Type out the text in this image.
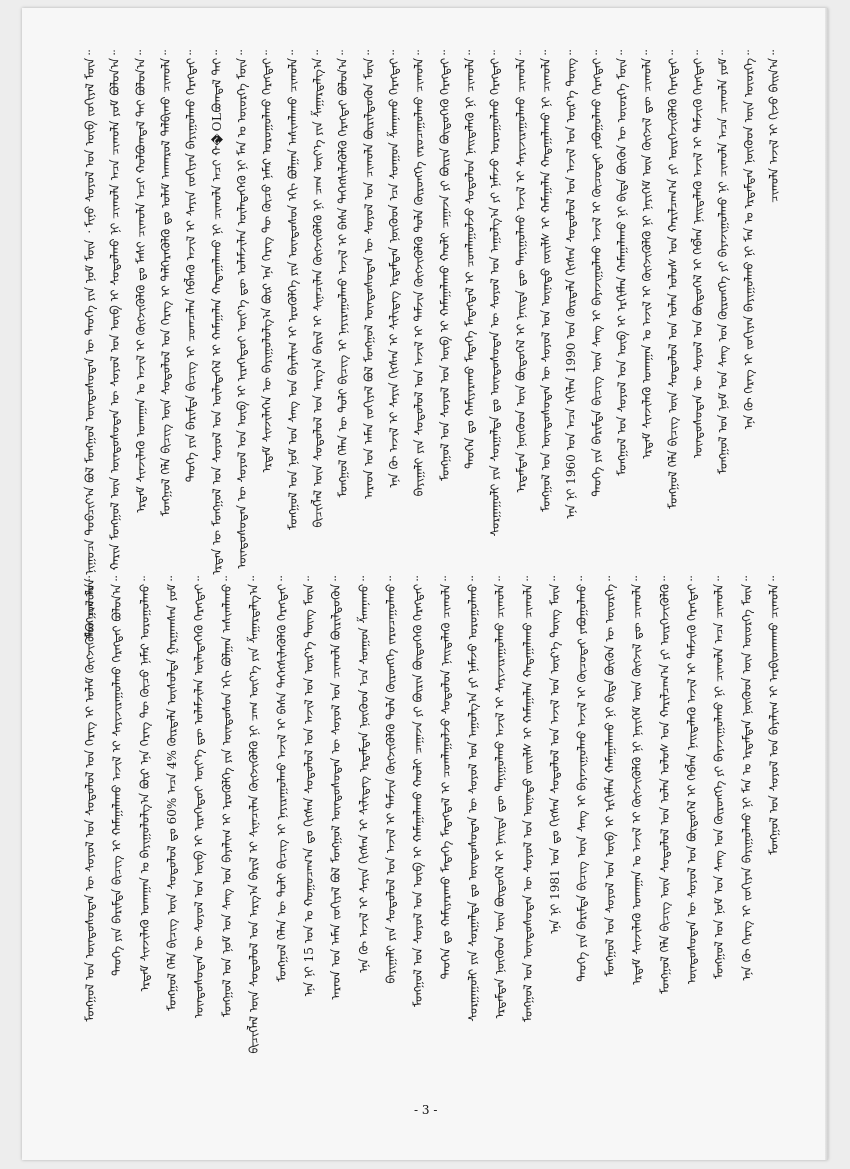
ᠮᠣᠩᠭᠣᠯ ᠤᠨ ᠨᠢᠭᠤᠴᠠ ᠲᠣᠪᠴᠢᠶ᠎ᠠ ᠪᠣᠯ ᠮᠣᠩᠭᠣᠯ ᠦᠨᠳᠦᠰᠦᠲᠡᠨ ᠦ ᠲᠡᠦᠬᠡ ᠶᠢᠨ ᠨᠣᠮ ᠮᠥᠨ ᠂ ᠮᠢᠨᠦ ᠰᠣᠶᠣᠯ ᠤᠨ ᠥᠪ ᠵᠣᠬᠢᠶᠠᠯ ᠮᠥᠨ᠃ ᠬᠠᠷᠢᠨ ᠮᠣᠩᠭᠣᠯ ᠦᠨ ᠦᠨᠳᠦᠰᠦᠲᠡᠨ ᠦ ᠰᠣᠶᠣᠯ ᠤᠨ ᠥᠪ ᠢ ᠰᠤᠳᠤᠯᠬᠤ ᠨᠢ ᠴᠢᠬᠤᠯᠠ ᠠᠴᠠ ᠴᠢᠬᠤᠯᠠ ᠶᠤᠮ ᠪᠣᠯᠤᠨ᠎ᠠ᠃ ᠡᠷᠳᠡᠮ ᠰᠢᠨᠵᠢᠯᠡᠬᠦ ᠤᠬᠠᠭᠠᠨ ᠤ ᠠᠵᠢᠯ ᠢ ᠬᠥᠭᠵᠢᠭᠦᠯᠬᠦ ᠳᠤ ᠮᠠᠰᠢ ᠴᠢᠬᠤᠯᠠ ᠠᠴᠢ ᠬᠣᠯᠪᠣᠭᠳᠠᠯ ᠲᠠᠢ ᠪᠣᠯᠤᠨ᠎ᠠ᠃ ᠮᠣᠩᠭᠣᠯ ᠬᠡᠯᠡ ᠪᠢᠴᠢᠭ ᠦᠨ ᠰᠤᠳᠤᠯᠤᠯ ᠤᠨ ᠬᠡᠷᠡᠭ ᠢ ᠳᠡᠯᠭᠡᠷᠡᠭᠦᠯᠬᠦ ᠳᠤ ᠤᠯᠠᠮ ᠠᠨᠬᠠᠷᠤᠯ ᠲᠠᠯᠪᠢᠬᠤ ᠴᠢᠬᠤᠯᠠ᠃ ᠲᠡᠦᠬᠡ ᠶᠢᠨ ᠪᠠᠷᠢᠮᠲᠠ ᠪᠢᠴᠢᠭ ᠢ ᠴᠣᠭᠴᠠᠯᠠᠨ ᠬᠡᠪᠯᠡᠬᠦ ᠠᠵᠢᠯ ᠢ ᠰᠠᠶᠢᠨ ᠵᠣᠬᠢᠶᠠᠨ ᠪᠠᠶᠢᠭᠤᠯᠬᠤ ᠬᠡᠷᠡᠭᠲᠡᠢ᠃ ᠡᠷᠲᠡᠨ ᠦ ᠮᠣᠩᠭᠣᠯ ᠤᠨ ᠰᠣᠶᠣᠯ ᠤᠨ ᠦᠯᠡᠳᠡᠭᠡᠯ ᠢ ᠬᠠᠮᠠᠭᠠᠯᠠᠨ ᠬᠠᠳᠠᠭᠠᠯᠠᠬᠤ ᠨᠢ ᠴᠢᠬᠤᠯᠠ ᠠᠴᠢ ᠬ�OLᠪᠣᠭᠳᠠᠯ ᠲᠠᠢ᠃ ᠦᠨᠳᠦᠰᠦᠲᠡᠨ ᠦ ᠰᠣᠶᠣᠯ ᠤᠨ ᠥᠪ ᠢ ᠢᠷᠡᠭᠡᠳᠦᠢ ᠦᠶ᠎ᠡ ᠳᠦ ᠤᠯᠠᠮᠵᠢᠯᠠᠨ ᠦᠯᠡᠳᠡᠭᠡᠬᠦ ᠨᠢ ᠮᠠᠨ ᠤ ᠦᠦᠷᠭᠡ ᠮᠥᠨ᠃ ᠡᠷᠳᠡᠮ ᠰᠢᠨᠵᠢᠯᠡᠭᠡᠨ ᠦ ᠪᠠᠶᠢᠭᠤᠯᠤᠯᠭ᠎ᠠ ᠪᠦᠷ ᠡᠨᠡ ᠬᠡᠷᠡᠭ ᠲᠦ ᠬᠦᠴᠦ ᠨᠡᠮᠡᠷ ᠣᠷᠤᠭᠤᠯᠬᠤ ᠬᠡᠷᠡᠭᠲᠡᠢ᠃ ᠮᠣᠩᠭᠣᠯ ᠤᠨ ᠨᠣᠮ ᠤᠨ ᠰᠠᠩ ᠤᠨ ᠪᠠᠶᠠᠯᠢᠭ ᠢ ᠡᠷᠦᠭᠦᠯᠭᠡ ᠶᠢᠨ ᠦᠨᠳᠦᠰᠦᠨ ᠡᠬᠢ ᠪᠣᠯᠭᠠᠨ ᠠᠰᠢᠭᠯᠠᠬᠤ ᠴᠢᠬᠤᠯᠠ᠃ ᠪᠢᠴᠢᠭᠯᠡᠯ ᠦᠨ ᠰᠤᠳᠤᠯᠤᠯ ᠤᠨ ᠠᠷᠭ᠎ᠠ ᠪᠠᠷᠢᠯ ᠢ ᠰᠢᠨᠡᠴᠢᠯᠡᠨ ᠬᠥᠭᠵᠢᠭᠦᠯᠬᠦ ᠨᠢ ᠴᠠᠭ ᠦᠶ᠎ᠡ ᠶᠢᠨ ᠱᠠᠭᠠᠷᠳᠠᠯᠭ᠎ᠠ᠃ ᠮᠣᠩᠭᠣᠯ ᠬᠡᠯᠡᠨ ᠦ ᠲᠣᠯᠢ ᠪᠢᠴᠢᠭ ᠢ ᠨᠠᠶᠢᠷᠠᠭᠤᠯᠬᠤ ᠠᠵᠢᠯ ᠢ ᠪᠠᠰᠠ ᠳᠡᠭᠡᠭᠰᠢᠯᠡᠭᠦᠯᠬᠦ ᠬᠡᠷᠡᠭᠲᠡᠢ ᠪᠣᠯᠤᠨ᠎ᠠ᠃ ᠠᠷᠠᠳ ᠤᠨ ᠠᠮᠠᠨ ᠵᠣᠬᠢᠶᠠᠯ ᠪᠣᠯ ᠮᠣᠩᠭᠣᠯ ᠦᠨᠳᠦᠰᠦᠲᠡᠨ ᠦ ᠰᠣᠶᠣᠯ ᠤᠨ ᠴᠢᠬᠤᠯᠠ ᠪᠦᠷᠢᠯᠳᠦᠬᠦᠨ ᠮᠥᠨ᠃ ᠡᠨᠡ ᠬᠦ ᠠᠵᠢᠯ ᠢ ᠰᠠᠶᠢᠨ ᠬᠢᠭᠰᠡᠨ ᠢ ᠰᠢᠯᠢᠳᠡᠭ ᠡᠷᠳᠡᠮᠲᠡᠨ ᠨᠦ᠋ᠭᠦᠳ ᠡᠴᠡ ᠰᠣᠨᠭᠣᠨ ᠱᠠᠭᠨᠠᠬᠤ ᠬᠡᠷᠡᠭᠲᠡᠢ᠃ ᠪᠠᠶᠢᠭᠠᠯᠢ ᠶᠢᠨ ᠰᠤᠳᠤᠯᠤᠯ ᠤᠨ ᠠᠵᠢᠯ ᠢ ᠳᠡᠮᠵᠢᠨ ᠬᠥᠭᠵᠢᠭᠦᠯᠬᠦ ᠲᠤᠯᠠ ᠬᠥᠷᠥᠩᠭᠡ ᠵᠠᠷᠤᠴᠠᠭᠤᠯᠬᠤ ᠴᠢᠬᠤᠯᠠ᠃ ᠮᠣᠩᠭᠣᠯ ᠤᠨ ᠰᠣᠶᠣᠯ ᠤᠨ ᠥᠪ ᠢ ᠬᠠᠮᠠᠭᠠᠯᠠᠬᠤ ᠬᠠᠤᠯᠢ ᠴᠠᠭᠠᠵᠠ ᠶᠢ ᠪᠦᠷᠢᠨ ᠪᠦᠲᠦᠭᠡᠬᠦ ᠬᠡᠷᠡᠭᠲᠡᠢ᠃ ᠲᠡᠦᠬᠡᠨ ᠳᠤ ᠬᠠᠮᠢᠶᠠᠷᠠᠬᠤ ᠮᠡᠳᠡᠭᠡ ᠮᠡᠳᠡᠭᠳᠡᠯ ᠢ ᠴᠤᠭᠯᠠᠭᠤᠯᠵᠤ ᠰᠤᠳᠤᠯᠤᠨ ᠨᠡᠢᠲᠡᠯᠡᠬᠦ ᠨᠢ ᠴᠢᠬᠤᠯᠠ᠃ ᠰᠤᠷᠭᠠᠭᠤᠯᠢ ᠶᠢᠨ ᠰᠤᠷᠭᠠᠯᠲᠠ ᠳᠤ ᠦᠨᠳᠦᠰᠦᠲᠡᠨ ᠦ ᠰᠣᠶᠣᠯ ᠤᠨ ᠠᠭᠤᠯᠭ᠎ᠠ ᠶᠢ ᠨᠡᠮᠡᠵᠦ ᠣᠷᠤᠭᠤᠯᠬᠤ ᠬᠡᠷᠡᠭᠲᠡᠢ᠃ ᠡᠷᠳᠡᠮᠲᠡᠨ ᠨᠦ᠋ᠭᠦᠳ ᠦᠨ ᠪᠦᠲᠦᠭᠡᠯ ᠢ ᠨᠡᠢᠲᠡ ᠳᠦ ᠲᠠᠨᠢᠭᠤᠯᠬᠤ ᠠᠵᠢᠯ ᠢ ᠰᠠᠶᠢᠵᠢᠷᠠᠭᠤᠯᠬᠤ ᠴᠢᠬᠤᠯᠠ᠃ ᠮᠣᠩᠭᠣᠯ ᠤᠨ ᠦᠨᠳᠦᠰᠦᠲᠡᠨ ᠦ ᠰᠣᠶᠣᠯ ᠤᠨ ᠦᠨᠡᠲᠦ ᠵᠦᠢᠯᠰ ᠢ ᠬᠠᠮᠠᠭᠠᠯᠠᠨ ᠬᠠᠳᠠᠭᠠᠯᠠᠬᠤ ᠨᠢ ᠴᠢᠬᠤᠯᠠ᠃ ᠡᠨᠡ ᠨᠢ 1960 ᠣᠨ ᠠᠴᠠ ᠡᠬᠢᠯᠡᠨ 1990 ᠣᠨ ᠬᠦᠷᠲᠡᠯᠡ ᠬᠢᠭᠰᠡᠨ ᠰᠤᠳᠤᠯᠤᠯ ᠤᠨ ᠠᠵᠢᠯ ᠤᠨ ᠦᠷ᠎ᠡ ᠳᠦᠩ᠃ ᠲᠡᠦᠬᠡ ᠶᠢᠨ ᠪᠠᠷᠢᠮᠲᠠ ᠪᠢᠴᠢᠭ ᠦᠨ ᠰᠠᠩ ᠢ ᠪᠠᠶᠠᠵᠢᠭᠤᠯᠬᠤ ᠠᠵᠢᠯ ᠢ ᠬᠦᠴᠦᠲᠡᠢ ᠶᠠᠪᠤᠭᠤᠯᠬᠤ ᠬᠡᠷᠡᠭᠲᠡᠢ᠃ ᠮᠣᠩᠭᠣᠯ ᠤᠨ ᠰᠣᠶᠣᠯ ᠤᠨ ᠥᠪ ᠢ ᠡᠷᠬᠢᠮᠯᠡᠨ ᠬᠠᠮᠠᠭᠠᠯᠠᠬᠤ ᠨᠢ ᠪᠢᠳᠡ ᠪᠦᠬᠦᠨ ᠦ ᠦᠦᠷᠭᠡ ᠮᠥᠨ᠃ ᠡᠷᠳᠡᠮ ᠰᠢᠨᠵᠢᠯᠡᠬᠦ ᠤᠬᠠᠭᠠᠨ ᠤ ᠠᠵᠢᠯ ᠢ ᠬᠥᠭᠵᠢᠭᠦᠯᠬᠦ ᠨᠢ ᠨᠡᠶᠢᠭᠡᠮ ᠦᠨ ᠬᠥᠭᠵᠢᠯ ᠳᠦ ᠴᠢᠬᠤᠯᠠ᠃ ᠮᠣᠩᠭᠣᠯ ᠬᠡᠯᠡ ᠪᠢᠴᠢᠭ ᠦᠨ ᠰᠤᠳᠤᠯᠤᠯ ᠤᠨ ᠣᠯᠠᠨ ᠤᠯᠤᠰ ᠤᠨ ᠬᠠᠷᠢᠯᠴᠠᠭ᠎ᠠ ᠶᠢ ᠥᠷᠭᠡᠵᠢᠭᠦᠯᠬᠦ ᠬᠡᠷᠡᠭᠲᠡᠢ᠃ ᠦᠨᠳᠦᠰᠦᠲᠡᠨ ᠦ ᠰᠣᠶᠣᠯ ᠤᠨ ᠪᠦᠲᠦᠭᠡᠯ ᠢ ᠬᠡᠪᠯᠡᠨ ᠨᠡᠢᠲᠡᠯᠡᠬᠦ ᠠᠵᠢᠯ ᠢ ᠳᠡᠮᠵᠢᠬᠦ ᠬᠡᠷᠡᠭᠲᠡᠢ᠃ ᠮᠣᠩᠭᠣᠯ ᠤᠨ ᠨᠣᠮ ᠤᠨ ᠰᠠᠩ ᠤᠨ ᠬᠥᠷᠥᠩᠭᠡ ᠶᠢ ᠪᠠᠶᠠᠵᠢᠭᠤᠯᠬᠤ ᠨᠢ ᠴᠢᠬᠤᠯᠠ ᠠᠴᠠ ᠴᠢᠬᠤᠯᠠ ᠶᠤᠮ᠃ ᠡᠨᠡ ᠬᠦ ᠬᠡᠷᠡᠭ ᠢ ᠵᠣᠬᠢᠶᠠᠨ ᠪᠠᠶᠢᠭᠤᠯᠬᠤ ᠨᠢ ᠮᠠᠨ ᠤ ᠡᠷᠳᠡᠮᠲᠡᠨ ᠨᠦ᠋ᠭᠦᠳ ᠦᠨ ᠦᠦᠷᠭᠡ᠃ ᠴᠢᠬᠤᠯᠠ ᠠᠵᠢᠯ ᠢ ᠬᠢᠵᠦ ᠪᠠᠢᠨ᠎ᠠ᠃

ᠮᠣᠩᠭᠣᠯ ᠤᠨ ᠦᠨᠳᠦᠰᠦᠲᠡᠨ ᠦ ᠰᠣᠶᠣᠯ ᠤᠨ ᠰᠤᠳᠤᠯᠤᠯ ᠤᠨ ᠬᠡᠷᠡᠭ ᠢ ᠤᠯᠠᠮ ᠬᠥᠭᠵᠢᠭᠦᠯᠬᠦ ᠴᠢᠬᠤᠯᠠ᠃ ᠲᠡᠦᠬᠡ ᠶᠢᠨ ᠪᠠᠷᠢᠮᠲᠠ ᠪᠢᠴᠢᠭ ᠢ ᠬᠠᠮᠠᠭᠠᠯᠠᠬᠤ ᠠᠵᠢᠯ ᠢ ᠰᠠᠶᠢᠵᠢᠷᠠᠭᠤᠯᠬᠤ ᠬᠡᠷᠡᠭᠲᠡᠢ ᠪᠣᠯᠤᠨ᠎ᠠ᠃ ᠡᠷᠳᠡᠮ ᠰᠢᠨᠵᠢᠯᠡᠬᠦ ᠤᠬᠠᠭᠠᠨ ᠤ ᠪᠠᠶᠢᠭᠤᠯᠤᠯᠭ᠎ᠠ ᠪᠦᠷ ᠡᠨᠡ ᠬᠡᠷᠡᠭ ᠲᠦ ᠬᠦᠴᠦ ᠨᠡᠮᠡᠷ ᠣᠷᠤᠭᠤᠯᠬᠤ᠃ ᠮᠣᠩᠭᠣᠯ ᠬᠡᠯᠡ ᠪᠢᠴᠢᠭ ᠦᠨ ᠰᠤᠳᠤᠯᠤᠯ ᠳᠤ 60% ᠠᠴᠠ 4% ᠬᠦᠷᠲᠡᠯᠡ ᠥᠰᠦᠯᠲᠡ ᠭᠠᠷᠭᠠᠭᠰᠠᠨ ᠶᠤᠮ᠃ ᠦᠨᠳᠦᠰᠦᠲᠡᠨ ᠦ ᠰᠣᠶᠣᠯ ᠤᠨ ᠥᠪ ᠢ ᠢᠷᠡᠭᠡᠳᠦᠢ ᠦᠶ᠎ᠡ ᠳᠦ ᠤᠯᠠᠮᠵᠢᠯᠠᠨ ᠦᠯᠡᠳᠡᠭᠡᠬᠦ ᠬᠡᠷᠡᠭᠲᠡᠢ᠃ ᠮᠣᠩᠭᠣᠯ ᠤᠨ ᠨᠣᠮ ᠤᠨ ᠰᠠᠩ ᠤᠨ ᠪᠠᠶᠠᠯᠢᠭ ᠢ ᠡᠷᠦᠭᠦᠯᠭᠡ ᠶᠢᠨ ᠦᠨᠳᠦᠰᠦᠨ ᠡᠬᠢ ᠪᠣᠯᠭᠠᠨ ᠠᠰᠢᠭᠯᠠᠬᠤ᠃ ᠪᠢᠴᠢᠭᠯᠡᠯ ᠦᠨ ᠰᠤᠳᠤᠯᠤᠯ ᠤᠨ ᠠᠷᠭ᠎ᠠ ᠪᠠᠷᠢᠯ ᠢ ᠰᠢᠨᠡᠴᠢᠯᠡᠨ ᠬᠥᠭᠵᠢᠭᠦᠯᠬᠦ ᠨᠢ ᠴᠠᠭ ᠦᠶ᠎ᠡ ᠶᠢᠨ ᠱᠠᠭᠠᠷᠳᠠᠯᠭ᠎ᠠ᠃ ᠮᠣᠩᠭᠣᠯ ᠬᠡᠯᠡᠨ ᠦ ᠲᠣᠯᠢ ᠪᠢᠴᠢᠭ ᠢ ᠨᠠᠶᠢᠷᠠᠭᠤᠯᠬᠤ ᠠᠵᠢᠯ ᠢ ᠪᠠᠰᠠ ᠳᠡᠭᠡᠭᠰᠢᠯᠡᠭᠦᠯᠬᠦ ᠬᠡᠷᠡᠭᠲᠡᠢ᠃ ᠡᠨᠡ ᠨᠢ 15 ᠣᠨ ᠤ ᠬᠤᠭᠤᠴᠠᠭ᠎ᠠ ᠳᠤ ᠬᠢᠭᠰᠡᠨ ᠰᠤᠳᠤᠯᠤᠯ ᠤᠨ ᠠᠵᠢᠯ ᠤᠨ ᠦᠷ᠎ᠡ ᠳᠦᠩ ᠮᠥᠨ᠃ ᠠᠷᠠᠳ ᠤᠨ ᠠᠮᠠᠨ ᠵᠣᠬᠢᠶᠠᠯ ᠪᠣᠯ ᠮᠣᠩᠭᠣᠯ ᠦᠨᠳᠦᠰᠦᠲᠡᠨ ᠦ ᠰᠣᠶᠣᠯ ᠤᠨ ᠴᠢᠬᠤᠯᠠ ᠪᠦᠷᠢᠯᠳᠦᠬᠦᠨ᠃ ᠡᠨᠡ ᠬᠦ ᠠᠵᠢᠯ ᠢ ᠰᠠᠶᠢᠨ ᠬᠢᠭᠰᠡᠨ ᠢ ᠰᠢᠯᠢᠳᠡᠭ ᠡᠷᠳᠡᠮᠲᠡᠨ ᠨᠦ᠋ᠭᠦᠳ ᠡᠴᠡ ᠰᠣᠨᠭᠣᠨ ᠱᠠᠭᠨᠠᠬᠤ᠃ ᠪᠠᠶᠢᠭᠠᠯᠢ ᠶᠢᠨ ᠰᠤᠳᠤᠯᠤᠯ ᠤᠨ ᠠᠵᠢᠯ ᠢ ᠳᠡᠮᠵᠢᠨ ᠬᠥᠭᠵᠢᠭᠦᠯᠬᠦ ᠲᠤᠯᠠ ᠬᠥᠷᠥᠩᠭᠡ ᠵᠠᠷᠤᠴᠠᠭᠤᠯᠬᠤ᠃ ᠮᠣᠩᠭᠣᠯ ᠤᠨ ᠰᠣᠶᠣᠯ ᠤᠨ ᠥᠪ ᠢ ᠬᠠᠮᠠᠭᠠᠯᠠᠬᠤ ᠬᠠᠤᠯᠢ ᠴᠠᠭᠠᠵᠠ ᠶᠢ ᠪᠦᠷᠢᠨ ᠪᠦᠲᠦᠭᠡᠬᠦ ᠬᠡᠷᠡᠭᠲᠡᠢ᠃ ᠲᠡᠦᠬᠡᠨ ᠳᠤ ᠬᠠᠮᠢᠶᠠᠷᠠᠬᠤ ᠮᠡᠳᠡᠭᠡ ᠮᠡᠳᠡᠭᠳᠡᠯ ᠢ ᠴᠤᠭᠯᠠᠭᠤᠯᠵᠤ ᠰᠤᠳᠤᠯᠤᠨ ᠨᠡᠢᠲᠡᠯᠡᠬᠦ ᠴᠢᠬᠤᠯᠠ᠃ ᠰᠤᠷᠭᠠᠭᠤᠯᠢ ᠶᠢᠨ ᠰᠤᠷᠭᠠᠯᠲᠠ ᠳᠤ ᠦᠨᠳᠦᠰᠦᠲᠡᠨ ᠦ ᠰᠣᠶᠣᠯ ᠤᠨ ᠠᠭᠤᠯᠭ᠎ᠠ ᠶᠢ ᠨᠡᠮᠡᠵᠦ ᠣᠷᠤᠭᠤᠯᠬᠤ᠃ ᠡᠷᠳᠡᠮᠲᠡᠨ ᠨᠦ᠋ᠭᠦᠳ ᠦᠨ ᠪᠦᠲᠦᠭᠡᠯ ᠢ ᠨᠡᠢᠲᠡ ᠳᠦ ᠲᠠᠨᠢᠭᠤᠯᠬᠤ ᠠᠵᠢᠯ ᠢ ᠰᠠᠶᠢᠵᠢᠷᠠᠭᠤᠯᠬᠤ ᠴᠢᠬᠤᠯᠠ᠃ ᠮᠣᠩᠭᠣᠯ ᠤᠨ ᠦᠨᠳᠦᠰᠦᠲᠡᠨ ᠦ ᠰᠣᠶᠣᠯ ᠤᠨ ᠦᠨᠡᠲᠦ ᠵᠦᠢᠯᠰ ᠢ ᠬᠠᠮᠠᠭᠠᠯᠠᠨ ᠬᠠᠳᠠᠭᠠᠯᠠᠬᠤ ᠴᠢᠬᠤᠯᠠ᠃ ᠡᠨᠡ ᠨᠢ 1981 ᠣᠨ ᠳᠤ ᠬᠢᠭᠰᠡᠨ ᠰᠤᠳᠤᠯᠤᠯ ᠤᠨ ᠠᠵᠢᠯ ᠤᠨ ᠦᠷ᠎ᠡ ᠳᠦᠩ ᠮᠥᠨ᠃ ᠲᠡᠦᠬᠡ ᠶᠢᠨ ᠪᠠᠷᠢᠮᠲᠠ ᠪᠢᠴᠢᠭ ᠦᠨ ᠰᠠᠩ ᠢ ᠪᠠᠶᠠᠵᠢᠭᠤᠯᠬᠤ ᠠᠵᠢᠯ ᠢ ᠬᠦᠴᠦᠲᠡᠢ ᠶᠠᠪᠤᠭᠤᠯᠬᠤ᠃ ᠮᠣᠩᠭᠣᠯ ᠤᠨ ᠰᠣᠶᠣᠯ ᠤᠨ ᠥᠪ ᠢ ᠡᠷᠬᠢᠮᠯᠡᠨ ᠬᠠᠮᠠᠭᠠᠯᠠᠬᠤ ᠨᠢ ᠪᠢᠳᠡ ᠪᠦᠬᠦᠨ ᠦ ᠦᠦᠷᠭᠡ᠃ ᠡᠷᠳᠡᠮ ᠰᠢᠨᠵᠢᠯᠡᠬᠦ ᠤᠬᠠᠭᠠᠨ ᠤ ᠠᠵᠢᠯ ᠢ ᠬᠥᠭᠵᠢᠭᠦᠯᠬᠦ ᠨᠢ ᠨᠡᠶᠢᠭᠡᠮ ᠦᠨ ᠬᠥᠭᠵᠢᠯ ᠳᠦ ᠴᠢᠬᠤᠯᠠ᠃ ᠮᠣᠩᠭᠣᠯ ᠬᠡᠯᠡ ᠪᠢᠴᠢᠭ ᠦᠨ ᠰᠤᠳᠤᠯᠤᠯ ᠤᠨ ᠣᠯᠠᠨ ᠤᠯᠤᠰ ᠤᠨ ᠬᠠᠷᠢᠯᠴᠠᠭ᠎ᠠ ᠶᠢ ᠥᠷᠭᠡᠵᠢᠭᠦᠯᠬᠦ᠃ ᠦᠨᠳᠦᠰᠦᠲᠡᠨ ᠦ ᠰᠣᠶᠣᠯ ᠤᠨ ᠪᠦᠲᠦᠭᠡᠯ ᠢ ᠬᠡᠪᠯᠡᠨ ᠨᠡᠢᠲᠡᠯᠡᠬᠦ ᠠᠵᠢᠯ ᠢ ᠳᠡᠮᠵᠢᠬᠦ ᠬᠡᠷᠡᠭᠲᠡᠢ᠃ ᠮᠣᠩᠭᠣᠯ ᠤᠨ ᠨᠣᠮ ᠤᠨ ᠰᠠᠩ ᠤᠨ ᠬᠥᠷᠥᠩᠭᠡ ᠶᠢ ᠪᠠᠶᠠᠵᠢᠭᠤᠯᠬᠤ ᠨᠢ ᠴᠢᠬᠤᠯᠠ ᠠᠴᠠ ᠴᠢᠬᠤᠯᠠ᠃ ᠡᠨᠡ ᠬᠦ ᠬᠡᠷᠡᠭ ᠢ ᠵᠣᠬᠢᠶᠠᠨ ᠪᠠᠶᠢᠭᠤᠯᠬᠤ ᠨᠢ ᠮᠠᠨ ᠤ ᠡᠷᠳᠡᠮᠲᠡᠨ ᠨᠦ᠋ᠭᠦᠳ ᠦᠨ ᠦᠦᠷᠭᠡ ᠮᠥᠨ᠃ ᠮᠣᠩᠭᠣᠯ ᠤᠨ ᠰᠣᠶᠣᠯ ᠤᠨ ᠪᠠᠶᠠᠯᠢᠭ ᠢ ᠠᠷᠪᠢᠳᠬᠠᠬᠤ ᠴᠢᠬᠤᠯᠠ᠃

- 3 -
